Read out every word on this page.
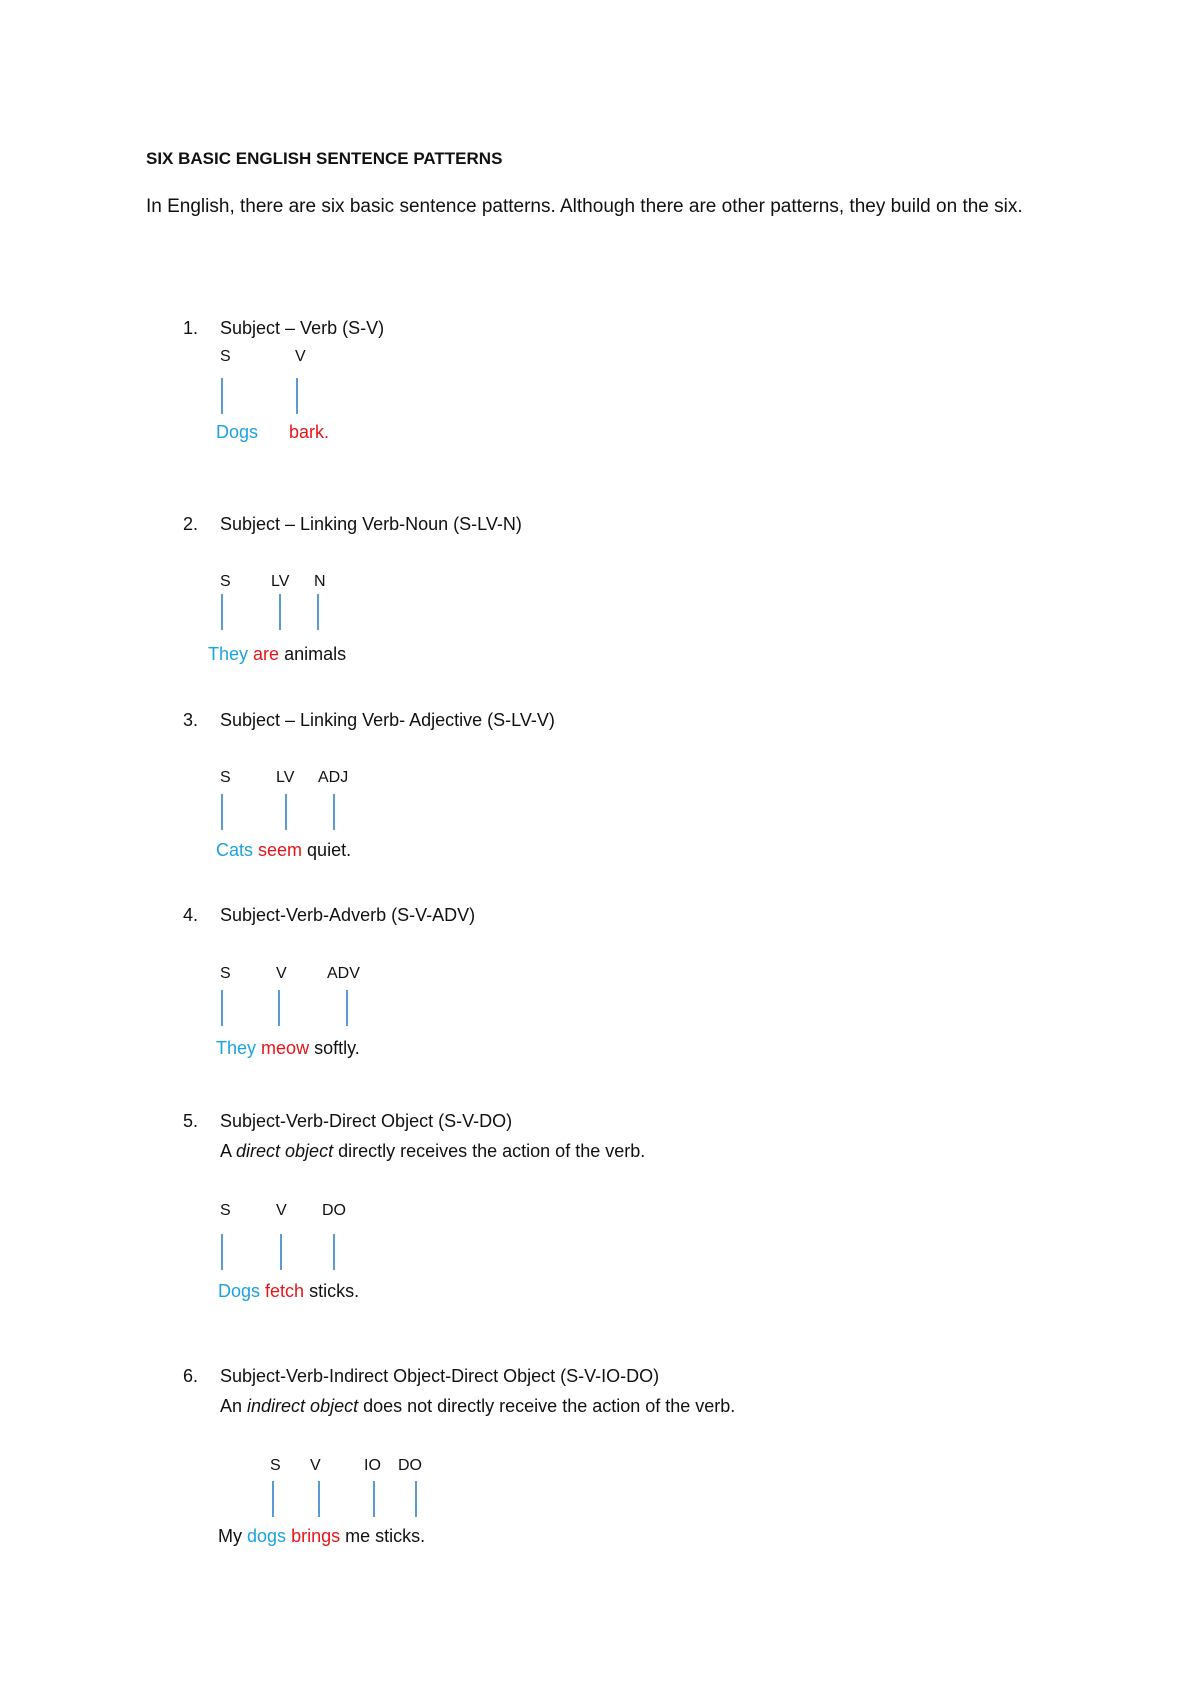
SIX BASIC ENGLISH SENTENCE PATTERNS
In English, there are six basic sentence patterns. Although there are other patterns, they build on the six.
1. Subject – Verb (S-V)
S	V
Dogs bark.
2. Subject – Linking Verb-Noun (S-LV-N)
S	LV N
They are animals
3. Subject – Linking Verb- Adjective (S-LV-V)
S	LV ADJ
Cats seem quiet.
4. Subject-Verb-Adverb (S-V-ADV)
S	V	ADV
They meow softly.
5. Subject-Verb-Direct Object (S-V-DO)
A direct object directly receives the action of the verb.
S	V DO
Dogs fetch sticks.
6. Subject-Verb-Indirect Object-Direct Object (S-V-IO-DO)
An indirect object does not directly receive the action of the verb.
S V	IO DO
My dogs brings me sticks.
